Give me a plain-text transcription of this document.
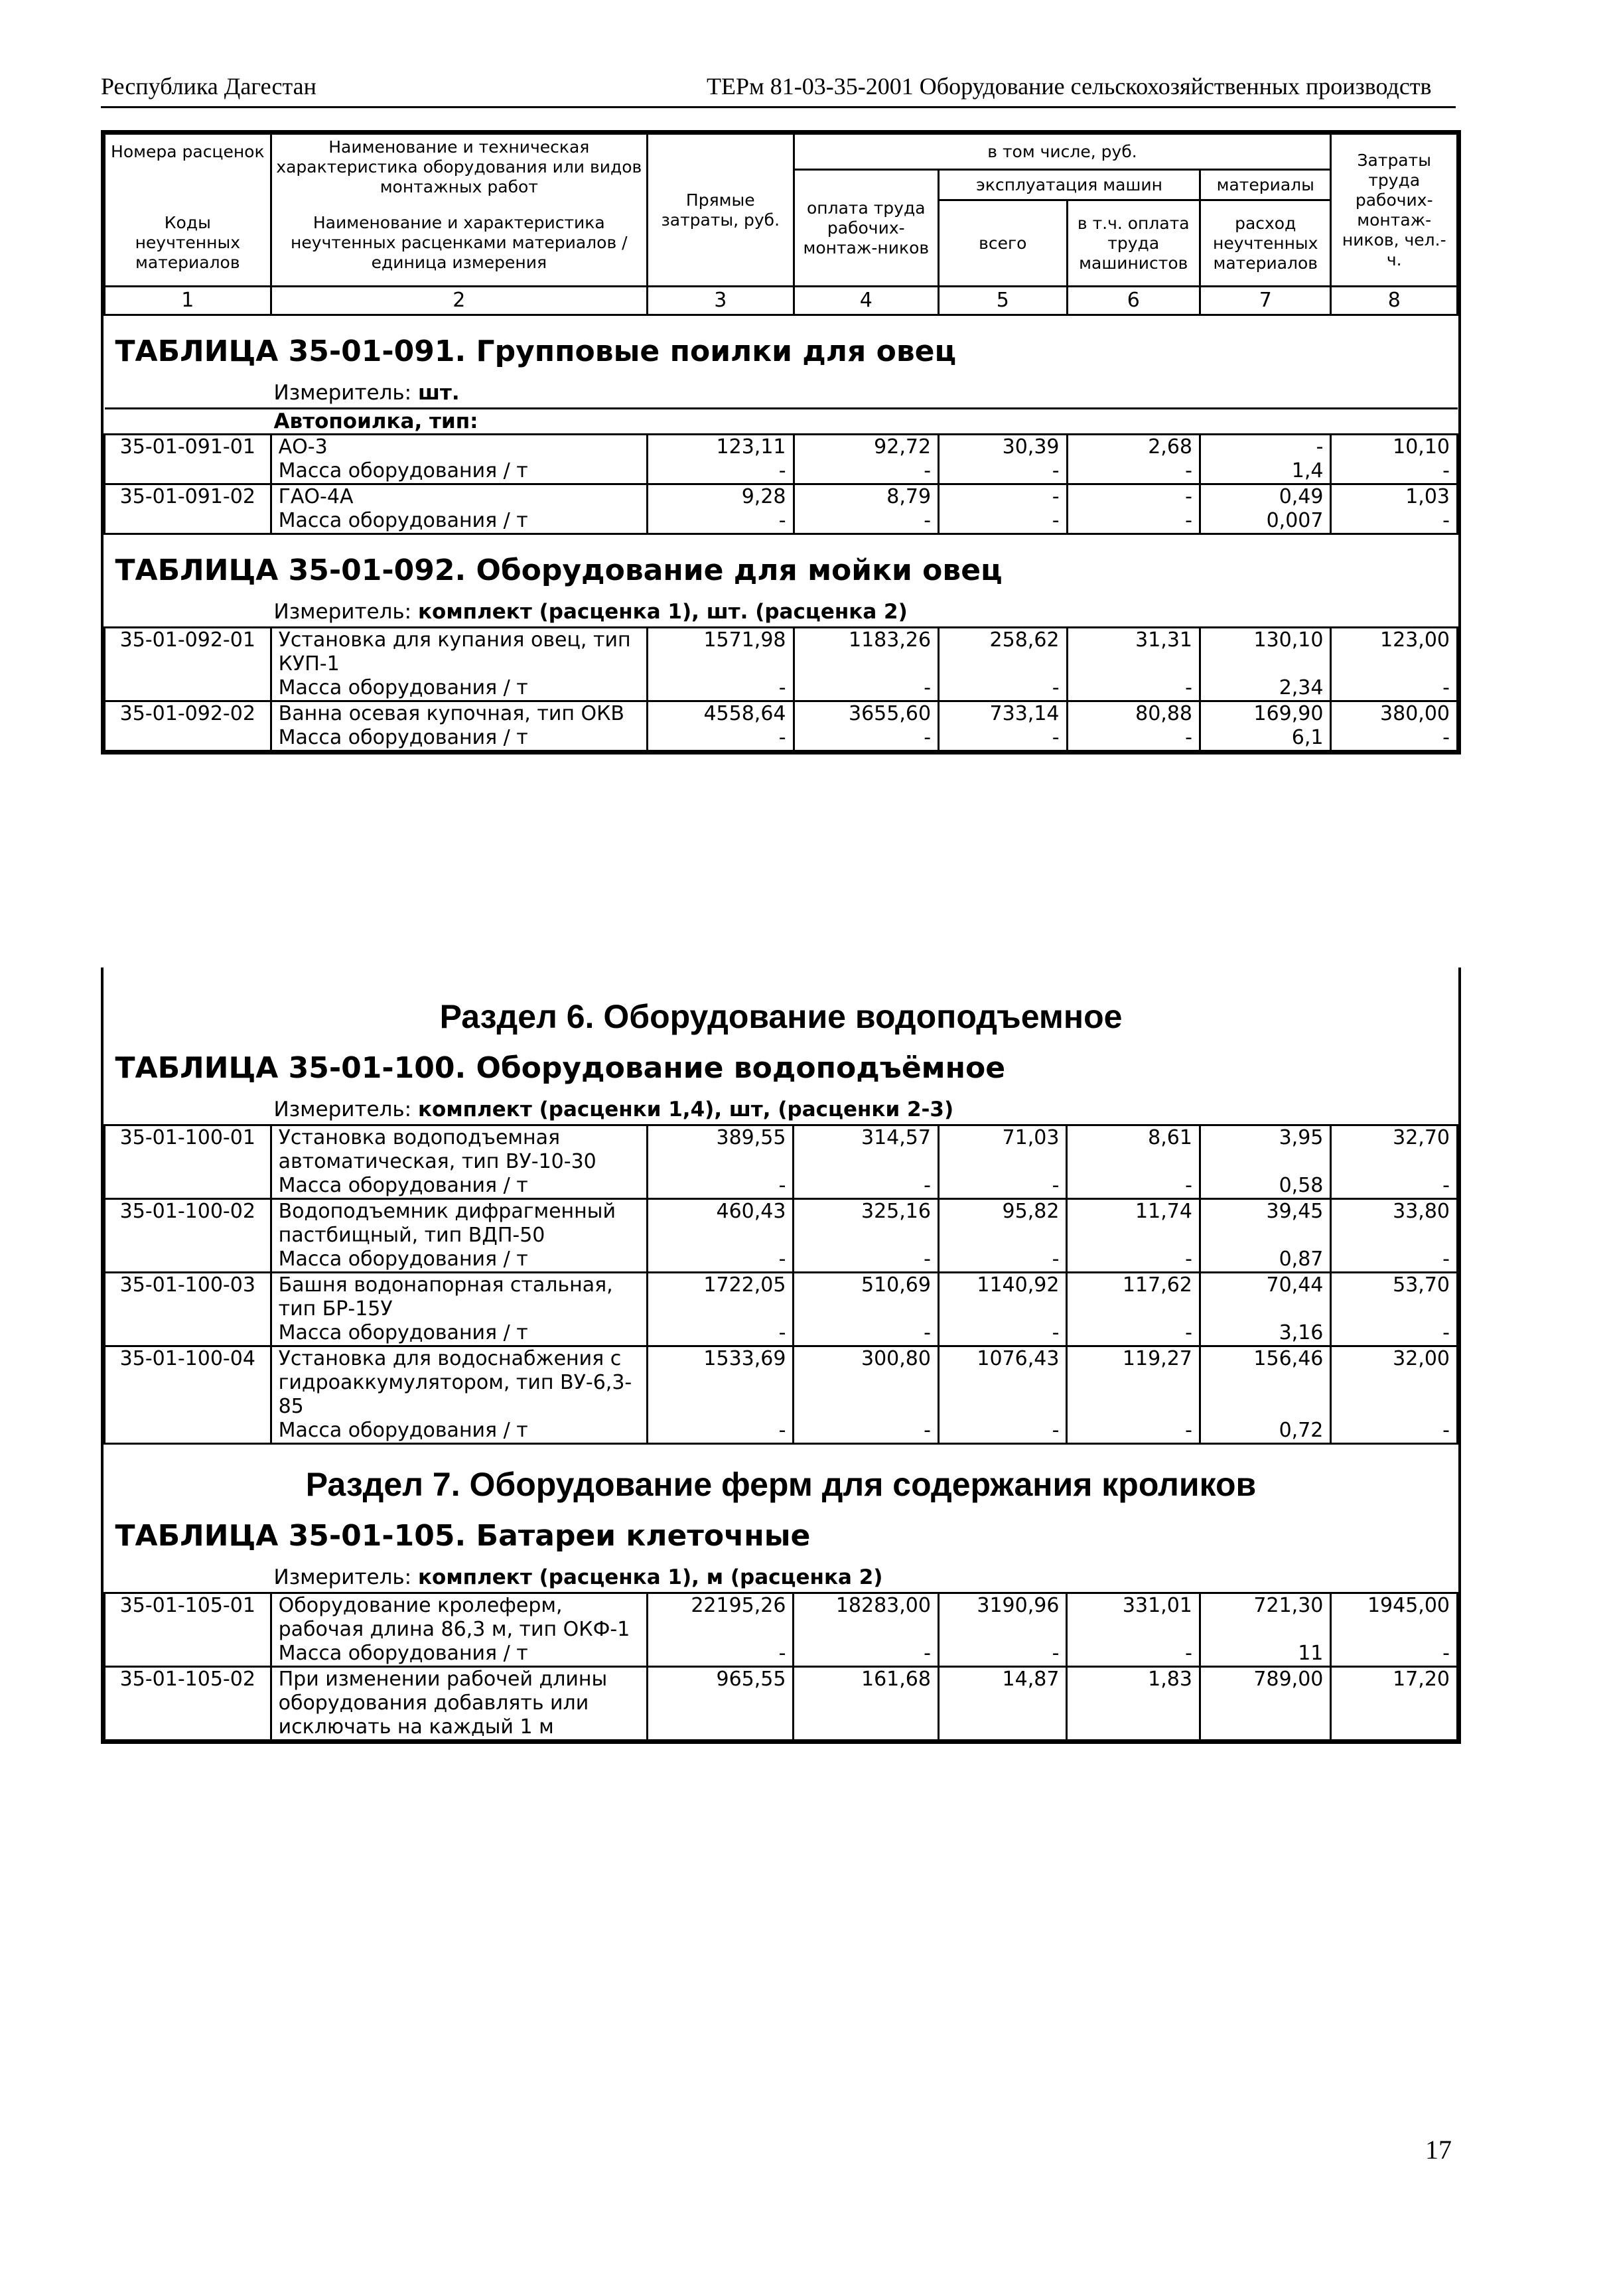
Республика Дагестан	ТЕРм 81-03-35-2001 Оборудование сельскохозяйственных производств
Номера расценок	Наименование и техническая характеристика оборудования или видов монтажных работ	Прямые затраты, руб.	в том числе, руб.				Затраты труда рабочих-монтаж-ников, чел.-ч.
			оплата труда рабочих-монтаж-ников	эксплуатация машин		материалы	
Коды неучтенных материалов	Наименование и характеристика неучтенных расценками материалов / единица измерения			всего	в т.ч. оплата труда машинистов	расход неучтенных материалов	

1	2	3	4	5	6	7	8
ТАБЛИЦА 35-01-091. Групповые поилки для овец							
Измеритель: шт.							
Автопоилка, тип:							
35-01-091-01	АО-3	123,11	92,72	30,39	2,68	-	10,10
	Масса оборудования / т	-	-	-	-	1,4	-
35-01-091-02	ГАО-4А	9,28	8,79	-	-	0,49	1,03
	Масса оборудования / т	-	-	-	-	0,007	-
ТАБЛИЦА 35-01-092. Оборудование для мойки овец							
Измеритель: комплект (расценка 1), шт. (расценка 2)							
35-01-092-01	Установка для купания овец, тип КУП-1	1571,98	1183,26	258,62	31,31	130,10	123,00
	Масса оборудования / т	-	-	-	-	2,34	-
35-01-092-02	Ванна осевая купочная, тип ОКВ	4558,64	3655,60	733,14	80,88	169,90	380,00
	Масса оборудования / т	-	-	-	-	6,1	-
Раздел 6. Оборудование водоподъемное							
ТАБЛИЦА 35-01-100. Оборудование водоподъёмное							
Измеритель: комплект (расценки 1,4), шт, (расценки 2-3)							
35-01-100-01	Установка водоподъемная автоматическая, тип ВУ-10-30	389,55	314,57	71,03	8,61	3,95	32,70
	Масса оборудования / т	-	-	-	-	0,58	-
35-01-100-02	Водоподъемник дифрагменный пастбищный, тип ВДП-50	460,43	325,16	95,82	11,74	39,45	33,80
	Масса оборудования / т	-	-	-	-	0,87	-
35-01-100-03	Башня водонапорная стальная, тип БР-15У	1722,05	510,69	1140,92	117,62	70,44	53,70
	Масса оборудования / т	-	-	-	-	3,16	-
35-01-100-04	Установка для водоснабжения с гидроаккумулятором, тип ВУ-6,3-85	1533,69	300,80	1076,43	119,27	156,46	32,00
	Масса оборудования / т	-	-	-	-	0,72	-
Раздел 7. Оборудование ферм для содержания кроликов							
ТАБЛИЦА 35-01-105. Батареи клеточные							
Измеритель: комплект (расценка 1), м (расценка 2)							
35-01-105-01	Оборудование кролеферм, рабочая длина 86,3 м, тип ОКФ-1	22195,26	18283,00	3190,96	331,01	721,30	1945,00
	Масса оборудования / т	-	-	-	-	11	-
35-01-105-02	При изменении рабочей длины оборудования добавлять или исключать на каждый 1 м	965,55	161,68	14,87	1,83	789,00	17,20
17
